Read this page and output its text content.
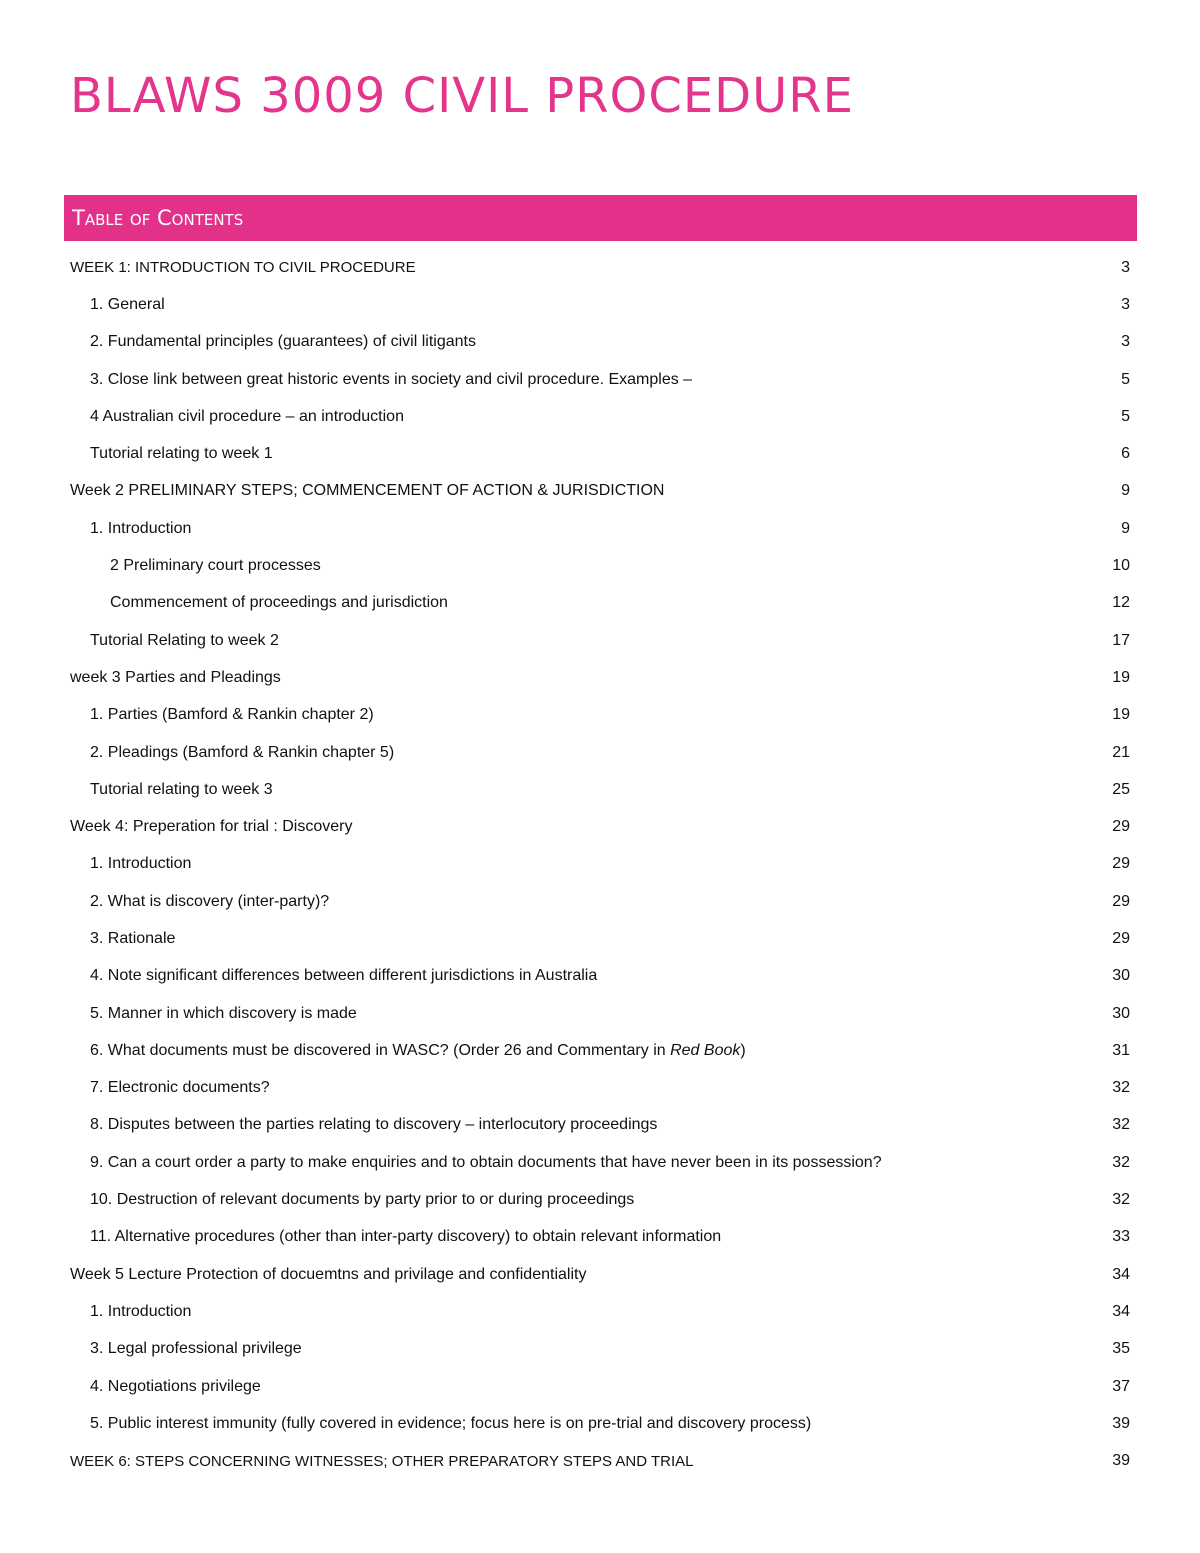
BLAWS 3009 CIVIL PROCEDURE
Table of Contents
WEEK 1: INTRODUCTION TO CIVIL PROCEDURE	3
1. General	3
2. Fundamental principles (guarantees) of civil litigants	3
3. Close link between great historic events in society and civil procedure. Examples –	5
4 Australian civil procedure – an introduction	5
Tutorial relating to week 1	6
Week 2 PRELIMINARY STEPS; COMMENCEMENT OF ACTION & JURISDICTION	9
1. Introduction	9
2 Preliminary court processes	10
Commencement of proceedings and jurisdiction	12
Tutorial Relating to week 2	17
week 3 Parties and Pleadings	19
1. Parties (Bamford & Rankin chapter 2)	19
2. Pleadings (Bamford & Rankin chapter 5)	21
Tutorial relating to week 3	25
Week 4: Preperation for trial : Discovery	29
1. Introduction	29
2. What is discovery (inter-party)?	29
3. Rationale	29
4. Note significant differences between different jurisdictions in Australia	30
5. Manner in which discovery is made	30
6. What documents must be discovered in WASC? (Order 26 and Commentary in Red Book)	31
7. Electronic documents?	32
8. Disputes between the parties relating to discovery – interlocutory proceedings	32
9. Can a court order a party to make enquiries and to obtain documents that have never been in its possession?	32
10. Destruction of relevant documents by party prior to or during proceedings	32
11. Alternative procedures (other than inter-party discovery) to obtain relevant information	33
Week 5 Lecture Protection of docuemtns and privilage and confidentiality	34
1. Introduction	34
3. Legal professional privilege	35
4. Negotiations privilege	37
5. Public interest immunity (fully covered in evidence; focus here is on pre-trial and discovery process)	39
WEEK 6: STEPS CONCERNING WITNESSES; OTHER PREPARATORY STEPS AND TRIAL	39
